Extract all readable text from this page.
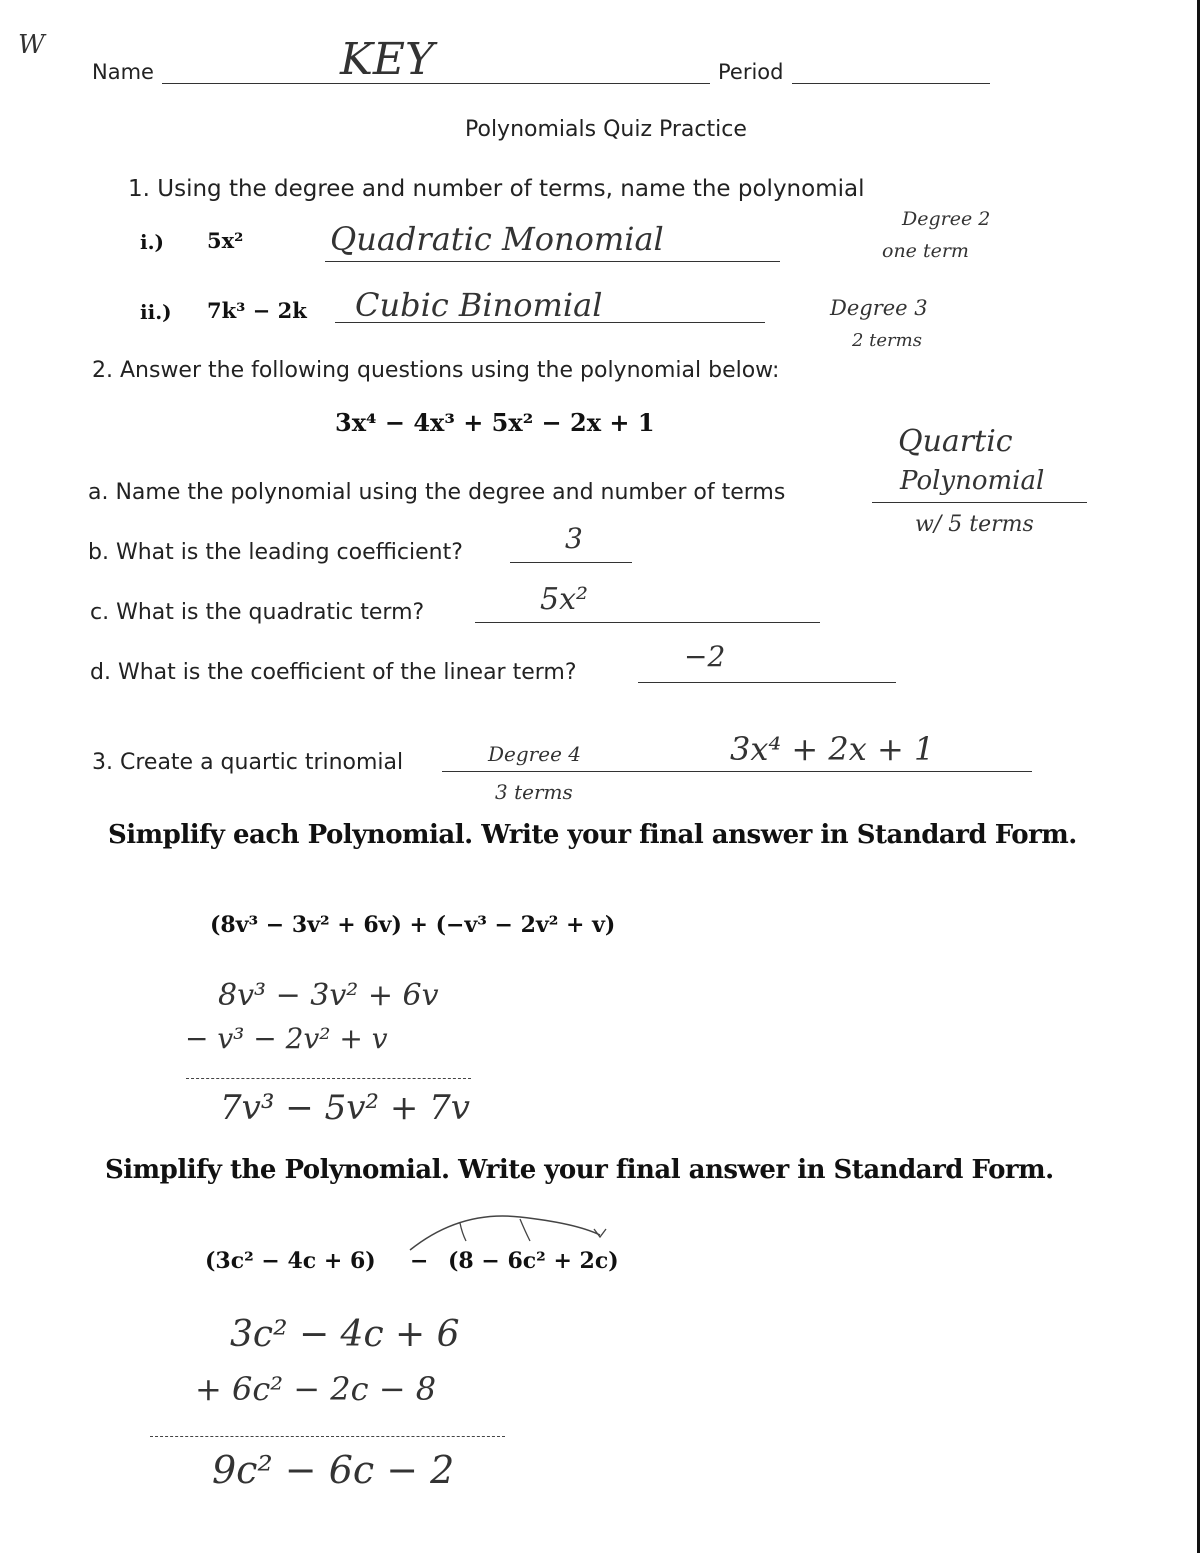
W
Name	KEY	Period
Polynomials Quiz Practice
1. Using the degree and number of terms, name the polynomial
i.) 5x²	Quadratic Monomial
Degree 2
one term
ii.) 7k³ − 2k Cubic Binomial	Degree 3
2 terms
2. Answer the following questions using the polynomial below:
3x⁴ − 4x³ + 5x² − 2x + 1
Quartic
a. Name the polynomial using the degree and number of terms	Polynomial
w/ 5 terms
b. What is the leading coefficient?	3
c. What is the quadratic term?	5x²
d. What is the coefficient of the linear term?	−2
3. Create a quartic trinomial	Degree 4
3 terms
3x⁴ + 2x + 1
Simplify each Polynomial. Write your final answer in Standard Form.
(8v³ − 3v² + 6v) + (−v³ − 2v² + v)
8v³ − 3v² + 6v
− v³ − 2v² + v
7v³ − 5v² + 7v
Simplify the Polynomial. Write your final answer in Standard Form.
(3c² − 4c + 6) − (8 − 6c² + 2c)
3c² − 4c + 6
+ 6c² − 2c − 8
9c² − 6c − 2
